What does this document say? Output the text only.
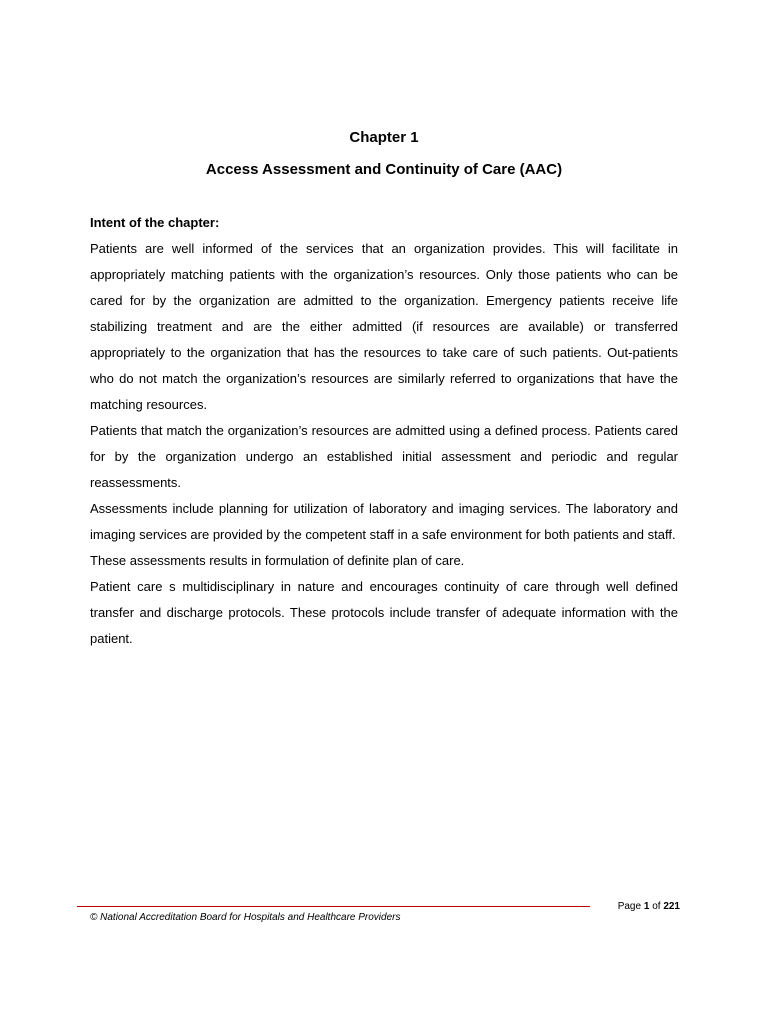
Chapter 1
Access Assessment and Continuity of Care (AAC)

Intent of the chapter:

Patients are well informed of the services that an organization provides. This will facilitate in appropriately matching patients with the organization’s resources. Only those patients who can be cared for by the organization are admitted to the organization. Emergency patients receive life stabilizing treatment and are the either admitted (if resources are available) or transferred appropriately to the organization that has the resources to take care of such patients. Out-patients who do not match the organization’s resources are similarly referred to organizations that have the matching resources.

Patients that match the organization’s resources are admitted using a defined process. Patients cared for by the organization undergo an established initial assessment and periodic and regular reassessments.

Assessments include planning for utilization of laboratory and imaging services. The laboratory and imaging services are provided by the competent staff in a safe environment for both patients and staff.

These assessments results in formulation of definite plan of care.

Patient care s multidisciplinary in nature and encourages continuity of care through well defined transfer and discharge protocols. These protocols include transfer of adequate information with the patient.

Page 1 of 221
© National Accreditation Board for Hospitals and Healthcare Providers
